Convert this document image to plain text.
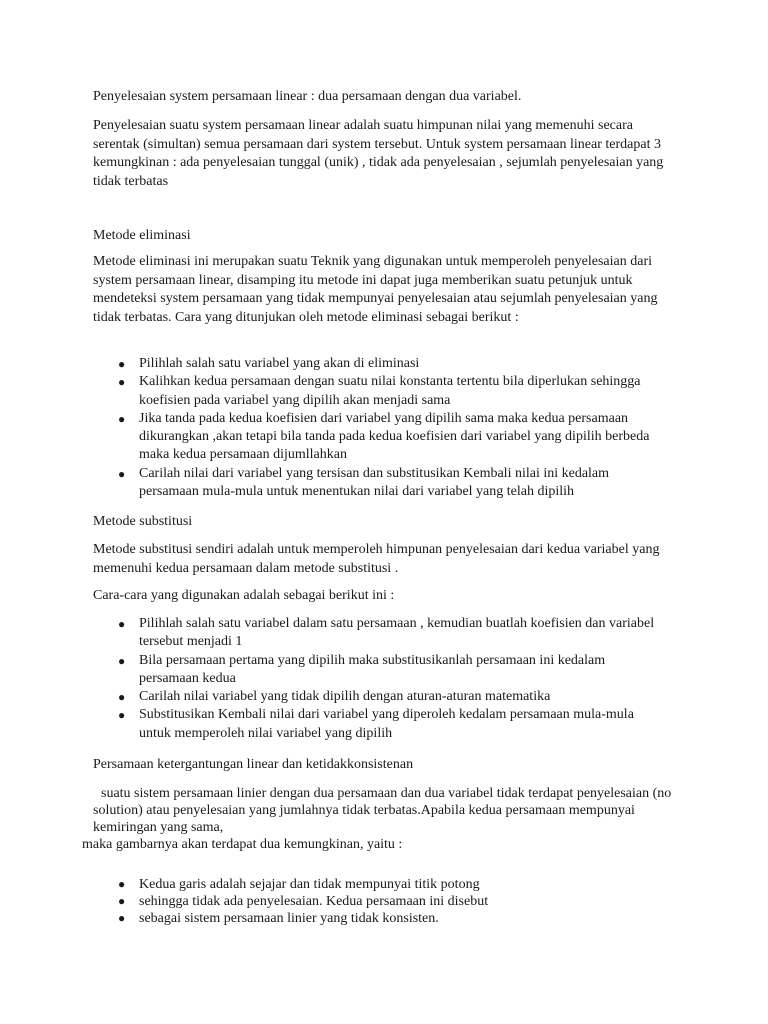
Penyelesaian system persamaan linear : dua persamaan dengan dua variabel.

Penyelesaian suatu system persamaan linear adalah suatu himpunan nilai yang memenuhi secara serentak (simultan) semua persamaan dari system tersebut. Untuk system persamaan linear terdapat 3 kemungkinan : ada penyelesaian tunggal (unik) , tidak ada penyelesaian , sejumlah penyelesaian yang tidak terbatas

Metode eliminasi

Metode eliminasi ini merupakan suatu Teknik yang digunakan untuk memperoleh penyelesaian dari system persamaan linear, disamping itu metode ini dapat juga memberikan suatu petunjuk untuk mendeteksi system persamaan yang tidak mempunyai penyelesaian atau sejumlah penyelesaian yang tidak terbatas. Cara yang ditunjukan oleh metode eliminasi sebagai berikut :

● Pilihlah salah satu variabel yang akan di eliminasi
● Kalihkan kedua persamaan dengan suatu nilai konstanta tertentu bila diperlukan sehingga koefisien pada variabel yang dipilih akan menjadi sama
● Jika tanda pada kedua koefisien dari variabel yang dipilih sama maka kedua persamaan dikurangkan ,akan tetapi bila tanda pada kedua koefisien dari variabel yang dipilih berbeda maka kedua persamaan dijumllahkan
● Carilah nilai dari variabel yang tersisan dan substitusikan Kembali nilai ini kedalam persamaan mula-mula untuk menentukan nilai dari variabel yang telah dipilih

Metode substitusi

Metode substitusi sendiri adalah untuk memperoleh himpunan penyelesaian dari kedua variabel yang memenuhi kedua persamaan dalam metode substitusi .

Cara-cara yang digunakan adalah sebagai berikut ini :

● Pilihlah salah satu variabel dalam satu persamaan , kemudian buatlah koefisien dan variabel tersebut menjadi 1
● Bila persamaan pertama yang dipilih maka substitusikanlah persamaan ini kedalam persamaan kedua
● Carilah nilai variabel yang tidak dipilih dengan aturan-aturan matematika
● Substitusikan Kembali nilai dari variabel yang diperoleh kedalam persamaan mula-mula untuk memperoleh nilai variabel yang dipilih

Persamaan ketergantungan linear dan ketidakkonsistenan

suatu sistem persamaan linier dengan dua persamaan dan dua variabel tidak terdapat penyelesaian (no solution) atau penyelesaian yang jumlahnya tidak terbatas.Apabila kedua persamaan mempunyai kemiringan yang sama,

maka gambarnya akan terdapat dua kemungkinan, yaitu :

● Kedua garis adalah sejajar dan tidak mempunyai titik potong
● sehingga tidak ada penyelesaian. Kedua persamaan ini disebut
● sebagai sistem persamaan linier yang tidak konsisten.
